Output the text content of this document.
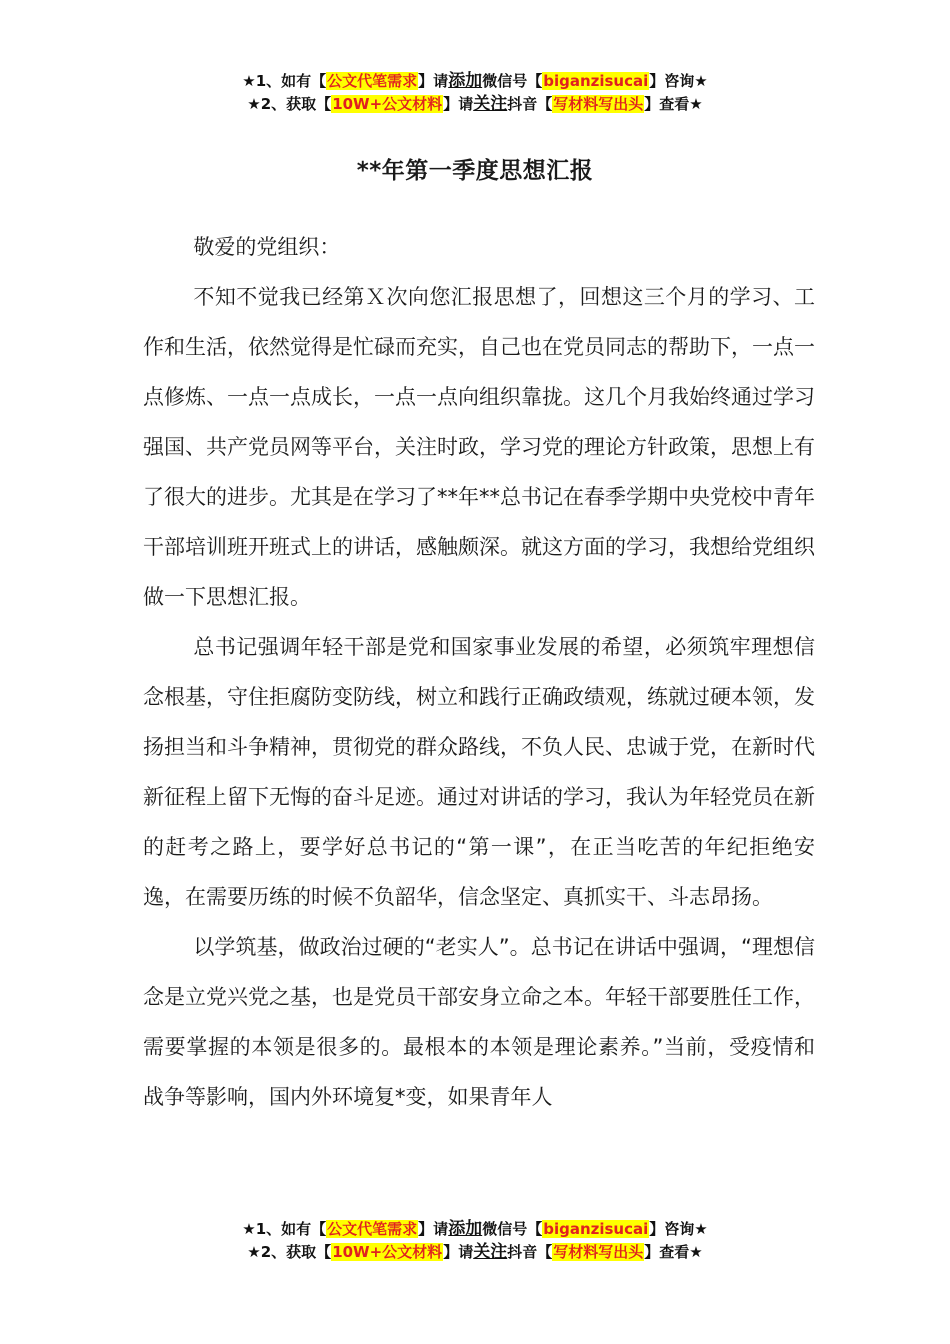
★1、如有【公文代笔需求】请添加微信号【biganzisucai】咨询★
★2、获取【10W+公文材料】请关注抖音【写材料写出头】查看★
**年第一季度思想汇报

敬爱的党组织：

不知不觉我已经第Ｘ次向您汇报思想了，回想这三个月的学习、工作和生活，依然觉得是忙碌而充实，自己也在党员同志的帮助下，一点一点修炼、一点一点成长，一点一点向组织靠拢。这几个月我始终通过学习强国、共产党员网等平台，关注时政，学习党的理论方针政策，思想上有了很大的进步。尤其是在学习了**年**总书记在春季学期中央党校中青年干部培训班开班式上的讲话，感触颇深。就这方面的学习，我想给党组织做一下思想汇报。

总书记强调年轻干部是党和国家事业发展的希望，必须筑牢理想信念根基，守住拒腐防变防线，树立和践行正确政绩观，练就过硬本领，发扬担当和斗争精神，贯彻党的群众路线，不负人民、忠诚于党，在新时代新征程上留下无悔的奋斗足迹。通过对讲话的学习，我认为年轻党员在新的赶考之路上，要学好总书记的“第一课”，在正当吃苦的年纪拒绝安逸，在需要历练的时候不负韶华，信念坚定、真抓实干、斗志昂扬。

以学筑基，做政治过硬的“老实人”。总书记在讲话中强调，“理想信念是立党兴党之基，也是党员干部安身立命之本。年轻干部要胜任工作，需要掌握的本领是很多的。最根本的本领是理论素养。”当前，受疫情和战争等影响，国内外环境复*变，如果青年人

★1、如有【公文代笔需求】请添加微信号【biganzisucai】咨询★
★2、获取【10W+公文材料】请关注抖音【写材料写出头】查看★
